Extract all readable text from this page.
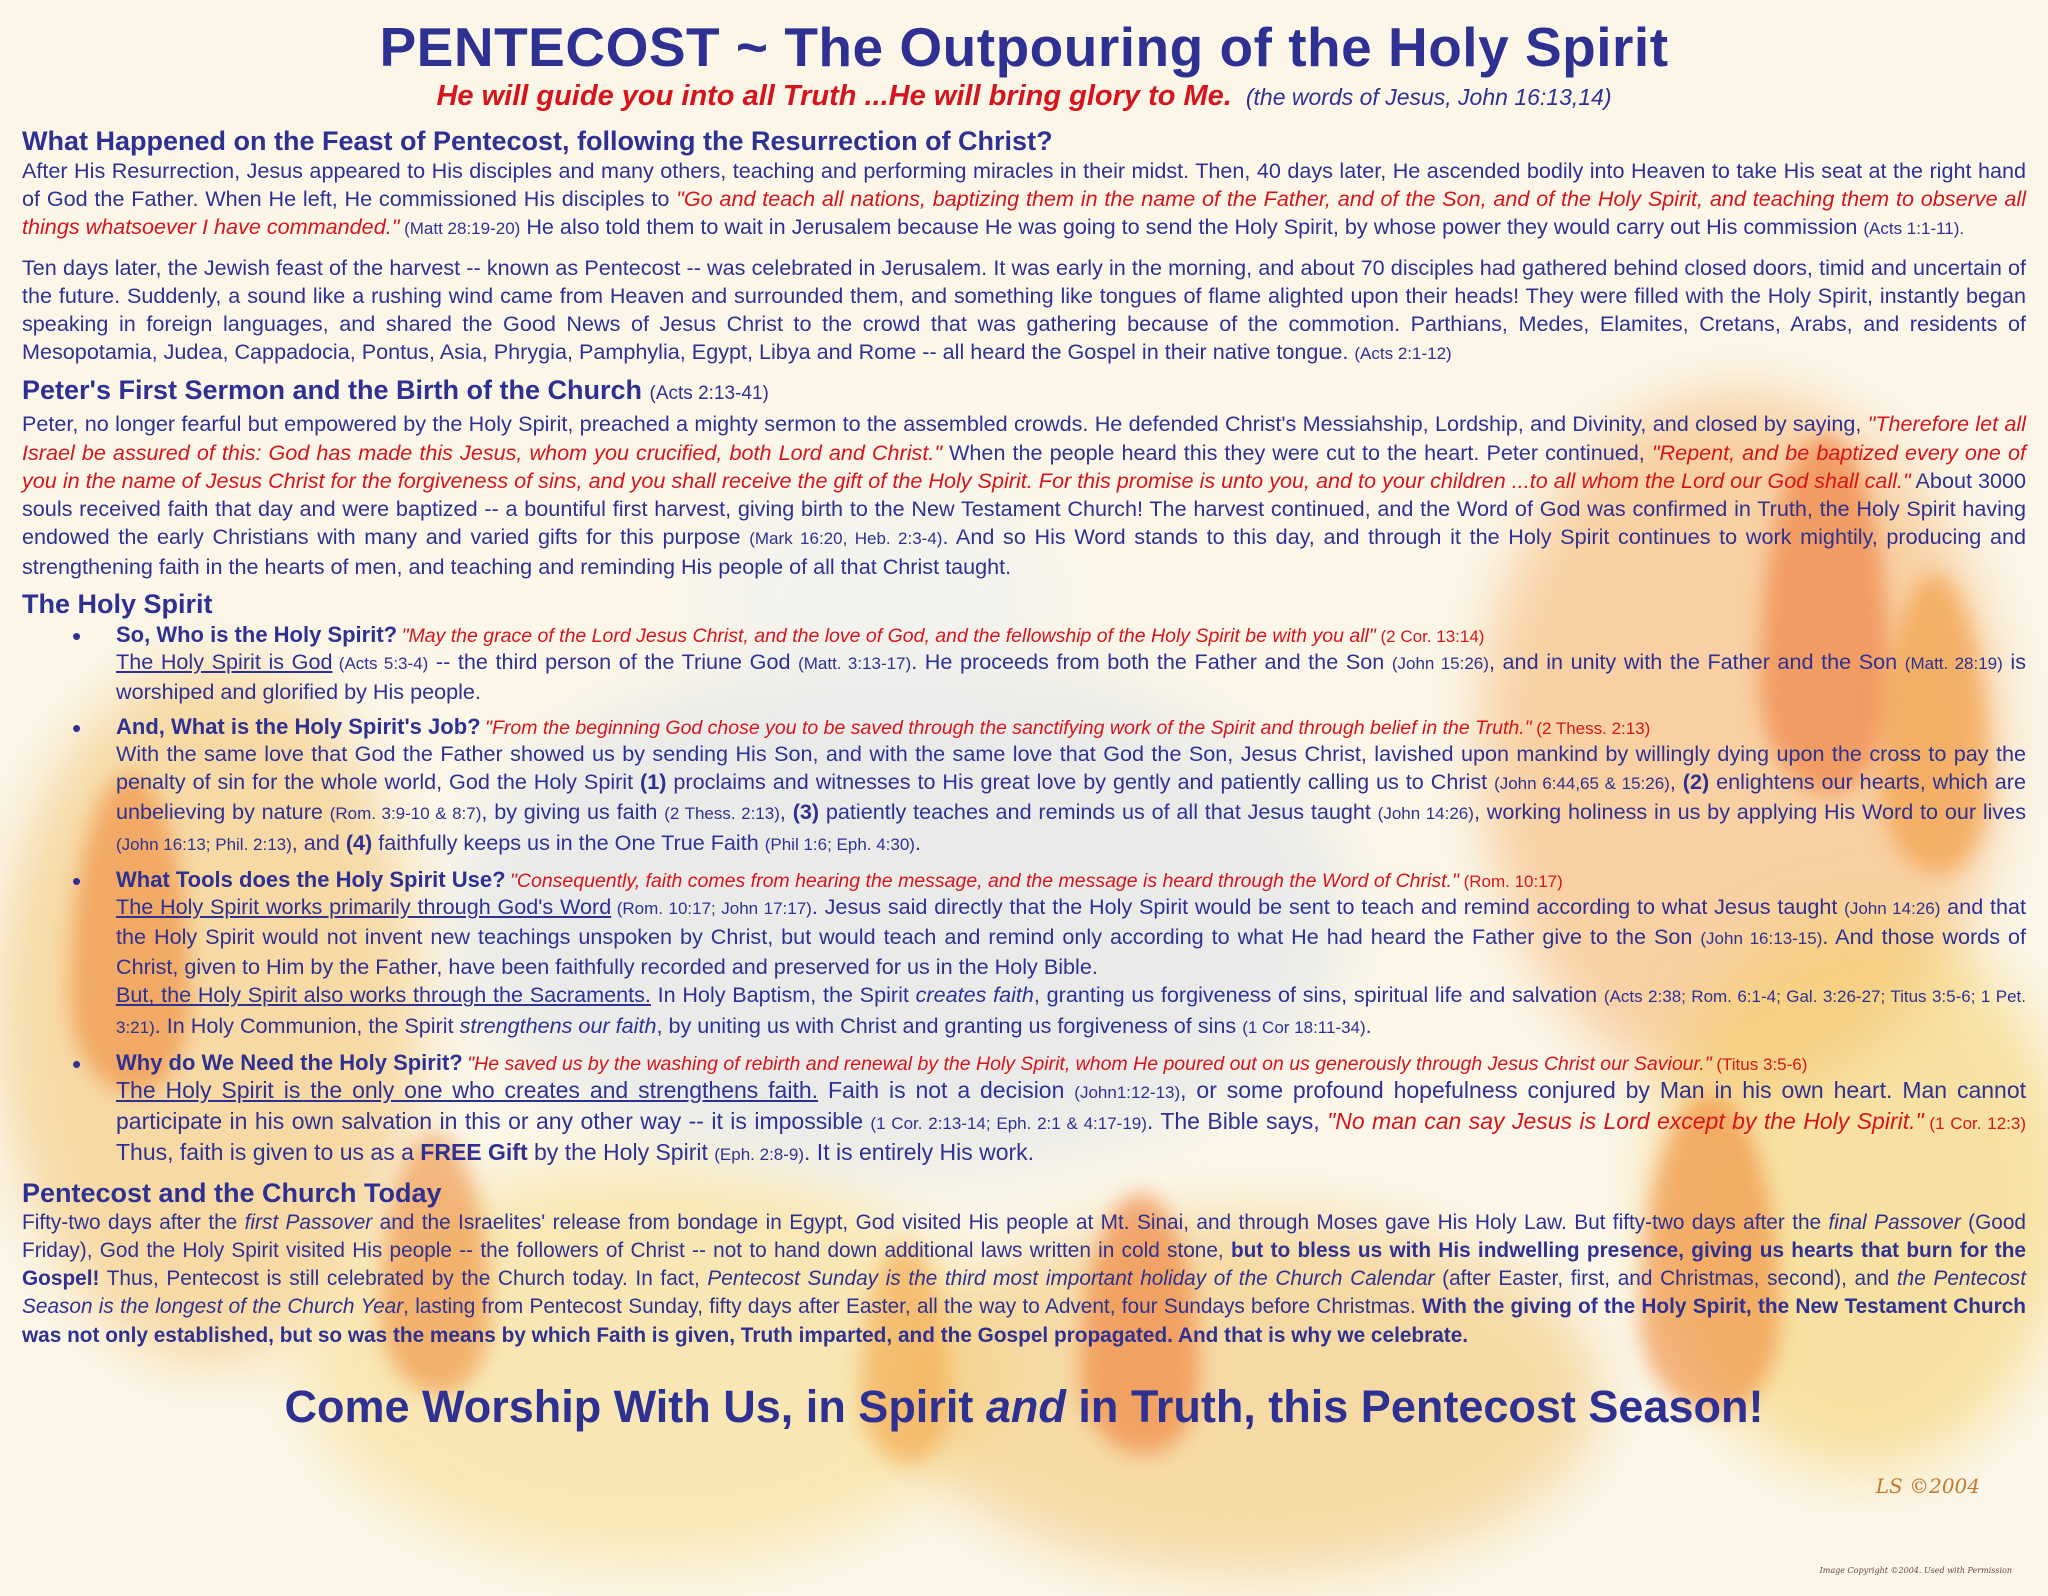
PENTECOST ~ The Outpouring of the Holy Spirit
He will guide you into all Truth ...He will bring glory to Me. (the words of Jesus, John 16:13,14)
What Happened on the Feast of Pentecost, following the Resurrection of Christ?

After His Resurrection, Jesus appeared to His disciples and many others, teaching and performing miracles in their midst. Then, 40 days later, He ascended bodily into Heaven to take His seat at the right hand of God the Father. When He left, He commissioned His disciples to "Go and teach all nations, baptizing them in the name of the Father, and of the Son, and of the Holy Spirit, and teaching them to observe all things whatsoever I have commanded." (Matt 28:19-20) He also told them to wait in Jerusalem because He was going to send the Holy Spirit, by whose power they would carry out His commission (Acts 1:1-11).

Ten days later, the Jewish feast of the harvest -- known as Pentecost -- was celebrated in Jerusalem. It was early in the morning, and about 70 disciples had gathered behind closed doors, timid and uncertain of the future. Suddenly, a sound like a rushing wind came from Heaven and surrounded them, and something like tongues of flame alighted upon their heads! They were filled with the Holy Spirit, instantly began speaking in foreign languages, and shared the Good News of Jesus Christ to the crowd that was gathering because of the commotion. Parthians, Medes, Elamites, Cretans, Arabs, and residents of Mesopotamia, Judea, Cappadocia, Pontus, Asia, Phrygia, Pamphylia, Egypt, Libya and Rome -- all heard the Gospel in their native tongue. (Acts 2:1-12)

Peter's First Sermon and the Birth of the Church (Acts 2:13-41)

Peter, no longer fearful but empowered by the Holy Spirit, preached a mighty sermon to the assembled crowds. He defended Christ's Messiahship, Lordship, and Divinity, and closed by saying, "Therefore let all Israel be assured of this: God has made this Jesus, whom you crucified, both Lord and Christ." When the people heard this they were cut to the heart. Peter continued, "Repent, and be baptized every one of you in the name of Jesus Christ for the forgiveness of sins, and you shall receive the gift of the Holy Spirit. For this promise is unto you, and to your children ...to all whom the Lord our God shall call." About 3000 souls received faith that day and were baptized -- a bountiful first harvest, giving birth to the New Testament Church! The harvest continued, and the Word of God was confirmed in Truth, the Holy Spirit having endowed the early Christians with many and varied gifts for this purpose (Mark 16:20, Heb. 2:3-4). And so His Word stands to this day, and through it the Holy Spirit continues to work mightily, producing and strengthening faith in the hearts of men, and teaching and reminding His people of all that Christ taught.

The Holy Spirit
• So, Who is the Holy Spirit? "May the grace of the Lord Jesus Christ, and the love of God, and the fellowship of the Holy Spirit be with you all" (2 Cor. 13:14)

The Holy Spirit is God (Acts 5:3-4) -- the third person of the Triune God (Matt. 3:13-17). He proceeds from both the Father and the Son (John 15:26), and in unity with the Father and the Son (Matt. 28:19) is worshiped and glorified by His people.

• And, What is the Holy Spirit's Job? "From the beginning God chose you to be saved through the sanctifying work of the Spirit and through belief in the Truth." (2 Thess. 2:13)

With the same love that God the Father showed us by sending His Son, and with the same love that God the Son, Jesus Christ, lavished upon mankind by willingly dying upon the cross to pay the penalty of sin for the whole world, God the Holy Spirit (1) proclaims and witnesses to His great love by gently and patiently calling us to Christ (John 6:44,65 & 15:26), (2) enlightens our hearts, which are unbelieving by nature (Rom. 3:9-10 & 8:7), by giving us faith (2 Thess. 2:13), (3) patiently teaches and reminds us of all that Jesus taught (John 14:26), working holiness in us by applying His Word to our lives (John 16:13; Phil. 2:13), and (4) faithfully keeps us in the One True Faith (Phil 1:6; Eph. 4:30).

• What Tools does the Holy Spirit Use? "Consequently, faith comes from hearing the message, and the message is heard through the Word of Christ." (Rom. 10:17)

The Holy Spirit works primarily through God's Word (Rom. 10:17; John 17:17). Jesus said directly that the Holy Spirit would be sent to teach and remind according to what Jesus taught (John 14:26) and that the Holy Spirit would not invent new teachings unspoken by Christ, but would teach and remind only according to what He had heard the Father give to the Son (John 16:13-15). And those words of Christ, given to Him by the Father, have been faithfully recorded and preserved for us in the Holy Bible.

But, the Holy Spirit also works through the Sacraments. In Holy Baptism, the Spirit creates faith, granting us forgiveness of sins, spiritual life and salvation (Acts 2:38; Rom. 6:1-4; Gal. 3:26-27; Titus 3:5-6; 1 Pet. 3:21). In Holy Communion, the Spirit strengthens our faith, by uniting us with Christ and granting us forgiveness of sins (1 Cor 18:11-34).

• Why do We Need the Holy Spirit? "He saved us by the washing of rebirth and renewal by the Holy Spirit, whom He poured out on us generously through Jesus Christ our Saviour." (Titus 3:5-6)

The Holy Spirit is the only one who creates and strengthens faith. Faith is not a decision (John1:12-13), or some profound hopefulness conjured by Man in his own heart. Man cannot participate in his own salvation in this or any other way -- it is impossible (1 Cor. 2:13-14; Eph. 2:1 & 4:17-19). The Bible says, "No man can say Jesus is Lord except by the Holy Spirit." (1 Cor. 12:3) Thus, faith is given to us as a FREE Gift by the Holy Spirit (Eph. 2:8-9). It is entirely His work.

Pentecost and the Church Today

Fifty-two days after the first Passover and the Israelites' release from bondage in Egypt, God visited His people at Mt. Sinai, and through Moses gave His Holy Law. But fifty-two days after the final Passover (Good Friday), God the Holy Spirit visited His people -- the followers of Christ -- not to hand down additional laws written in cold stone, but to bless us with His indwelling presence, giving us hearts that burn for the Gospel! Thus, Pentecost is still celebrated by the Church today. In fact, Pentecost Sunday is the third most important holiday of the Church Calendar (after Easter, first, and Christmas, second), and the Pentecost Season is the longest of the Church Year, lasting from Pentecost Sunday, fifty days after Easter, all the way to Advent, four Sundays before Christmas. With the giving of the Holy Spirit, the New Testament Church was not only established, but so was the means by which Faith is given, Truth imparted, and the Gospel propagated. And that is why we celebrate.

Come Worship With Us, in Spirit and in Truth, this Pentecost Season!
LS ©2004
Image Copyright ©2004. Used with Permission
